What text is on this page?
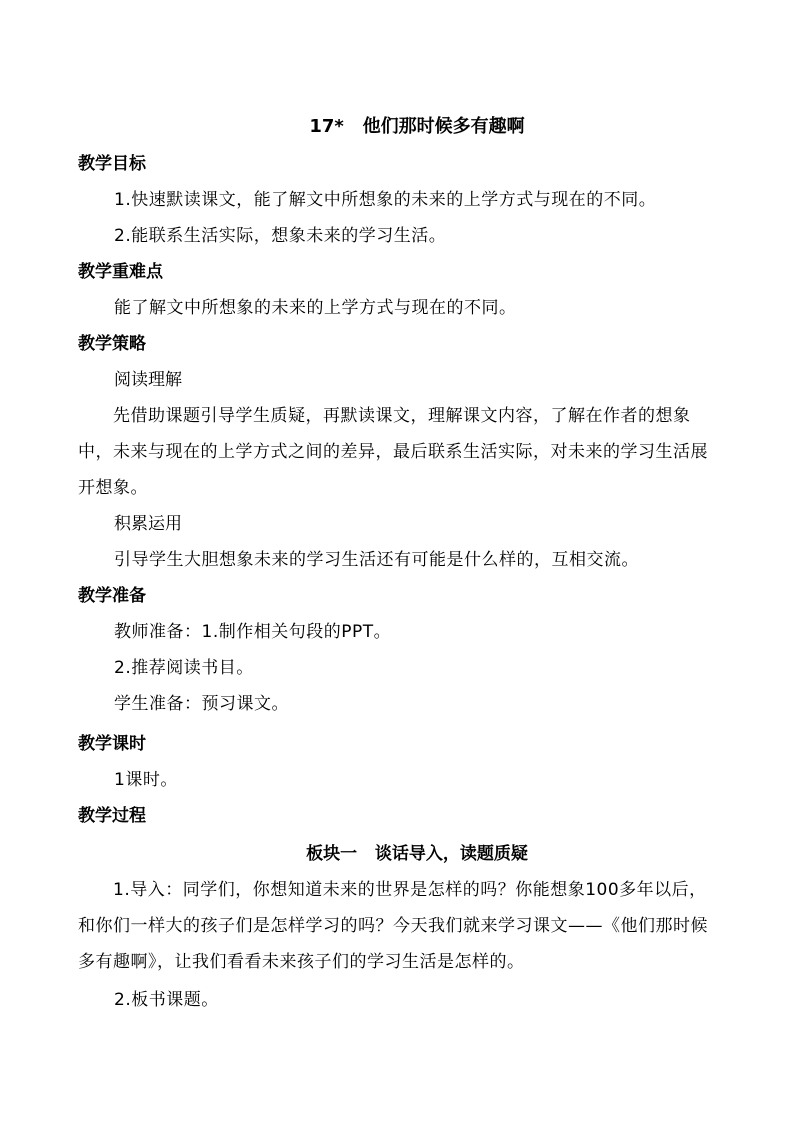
17*   他们那时候多有趣啊
教学目标
1.快速默读课文，能了解文中所想象的未来的上学方式与现在的不同。
2.能联系生活实际，想象未来的学习生活。
教学重难点
能了解文中所想象的未来的上学方式与现在的不同。
教学策略
阅读理解
先借助课题引导学生质疑，再默读课文，理解课文内容，了解在作者的想象中，未来与现在的上学方式之间的差异，最后联系生活实际，对未来的学习生活展开想象。
积累运用
引导学生大胆想象未来的学习生活还有可能是什么样的，互相交流。
教学准备
教师准备：1.制作相关句段的PPT。
2.推荐阅读书目。
学生准备：预习课文。
教学课时
1课时。
教学过程
板块一   谈话导入，读题质疑
1.导入：同学们，你想知道未来的世界是怎样的吗？你能想象100多年以后，和你们一样大的孩子们是怎样学习的吗？今天我们就来学习课文——《他们那时候多有趣啊》，让我们看看未来孩子们的学习生活是怎样的。
2.板书课题。
